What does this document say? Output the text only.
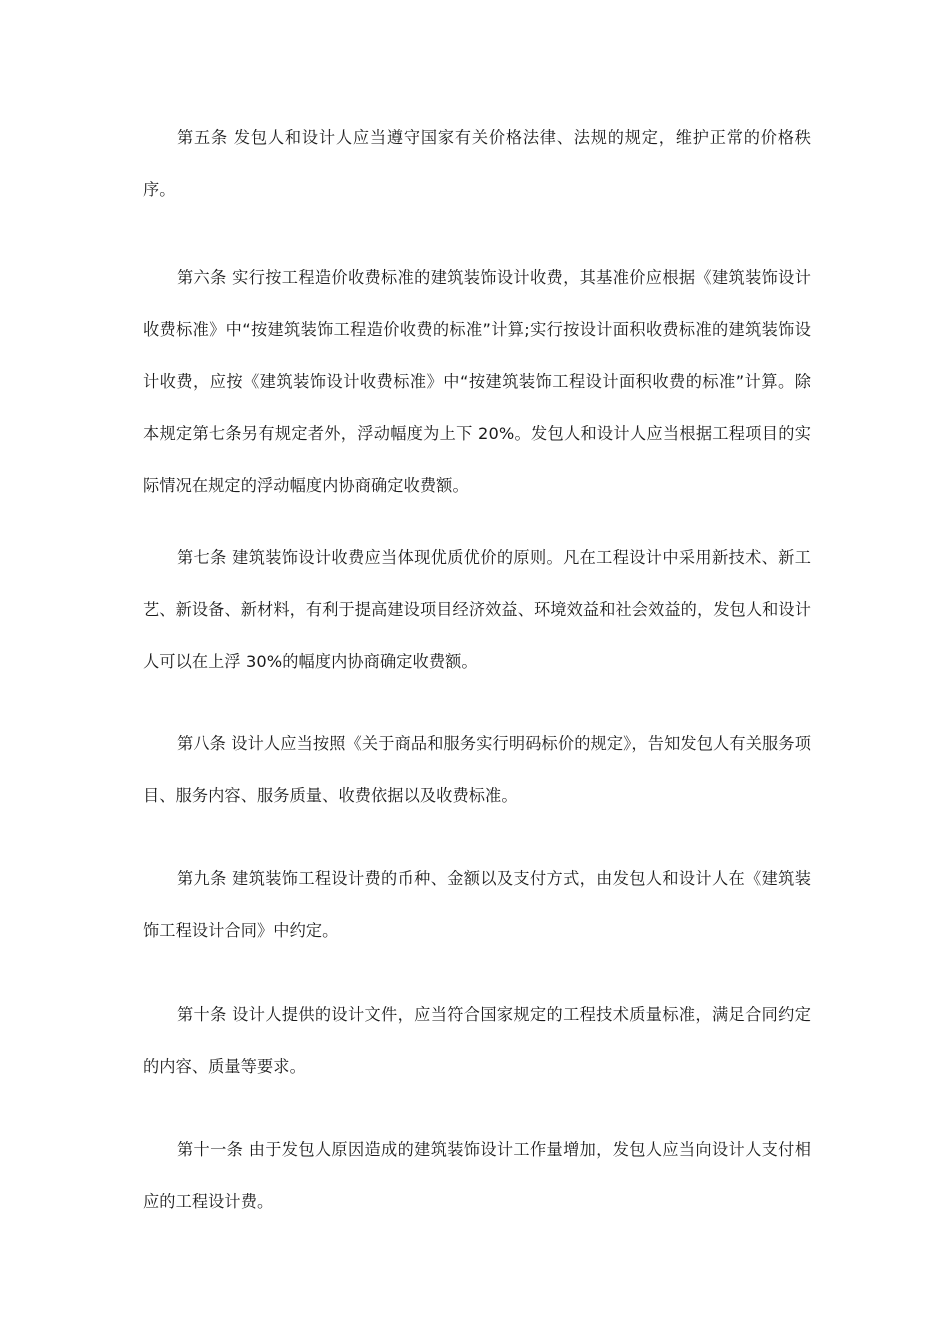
第五条 发包人和设计人应当遵守国家有关价格法律、法规的规定，维护正常的价格秩序。

第六条 实行按工程造价收费标准的建筑装饰设计收费，其基准价应根据《建筑装饰设计收费标准》中“按建筑装饰工程造价收费的标准”计算;实行按设计面积收费标准的建筑装饰设计收费，应按《建筑装饰设计收费标准》中“按建筑装饰工程设计面积收费的标准”计算。除本规定第七条另有规定者外，浮动幅度为上下 20%。发包人和设计人应当根据工程项目的实际情况在规定的浮动幅度内协商确定收费额。

第七条 建筑装饰设计收费应当体现优质优价的原则。凡在工程设计中采用新技术、新工艺、新设备、新材料，有利于提高建设项目经济效益、环境效益和社会效益的，发包人和设计人可以在上浮 30%的幅度内协商确定收费额。

第八条 设计人应当按照《关于商品和服务实行明码标价的规定》，告知发包人有关服务项目、服务内容、服务质量、收费依据以及收费标准。

第九条 建筑装饰工程设计费的币种、金额以及支付方式，由发包人和设计人在《建筑装饰工程设计合同》中约定。

第十条 设计人提供的设计文件，应当符合国家规定的工程技术质量标准，满足合同约定的内容、质量等要求。

第十一条 由于发包人原因造成的建筑装饰设计工作量增加，发包人应当向设计人支付相应的工程设计费。
